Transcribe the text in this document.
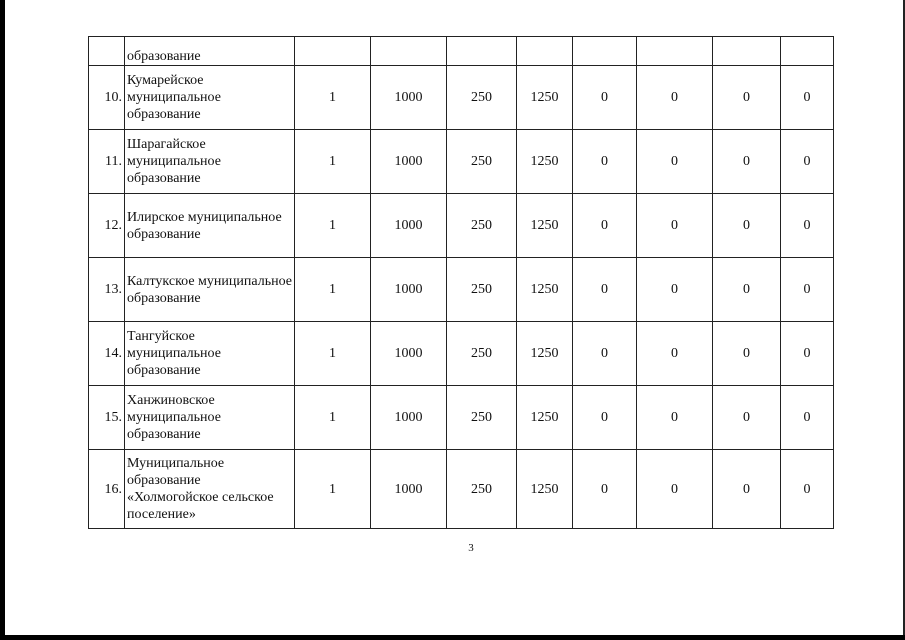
	образование								
10.	Кумарейское муниципальное образование	1	1000	250	1250	0	0	0	0
11.	Шарагайское муниципальное образование	1	1000	250	1250	0	0	0	0
12.	Илирское муниципальное образование	1	1000	250	1250	0	0	0	0
13.	Калтукское муниципальное образование	1	1000	250	1250	0	0	0	0
14.	Тангуйское муниципальное образование	1	1000	250	1250	0	0	0	0
15.	Ханжиновское муниципальное образование	1	1000	250	1250	0	0	0	0
16.	Муниципальное образование «Холмогойское сельское поселение»	1	1000	250	1250	0	0	0	0
3
